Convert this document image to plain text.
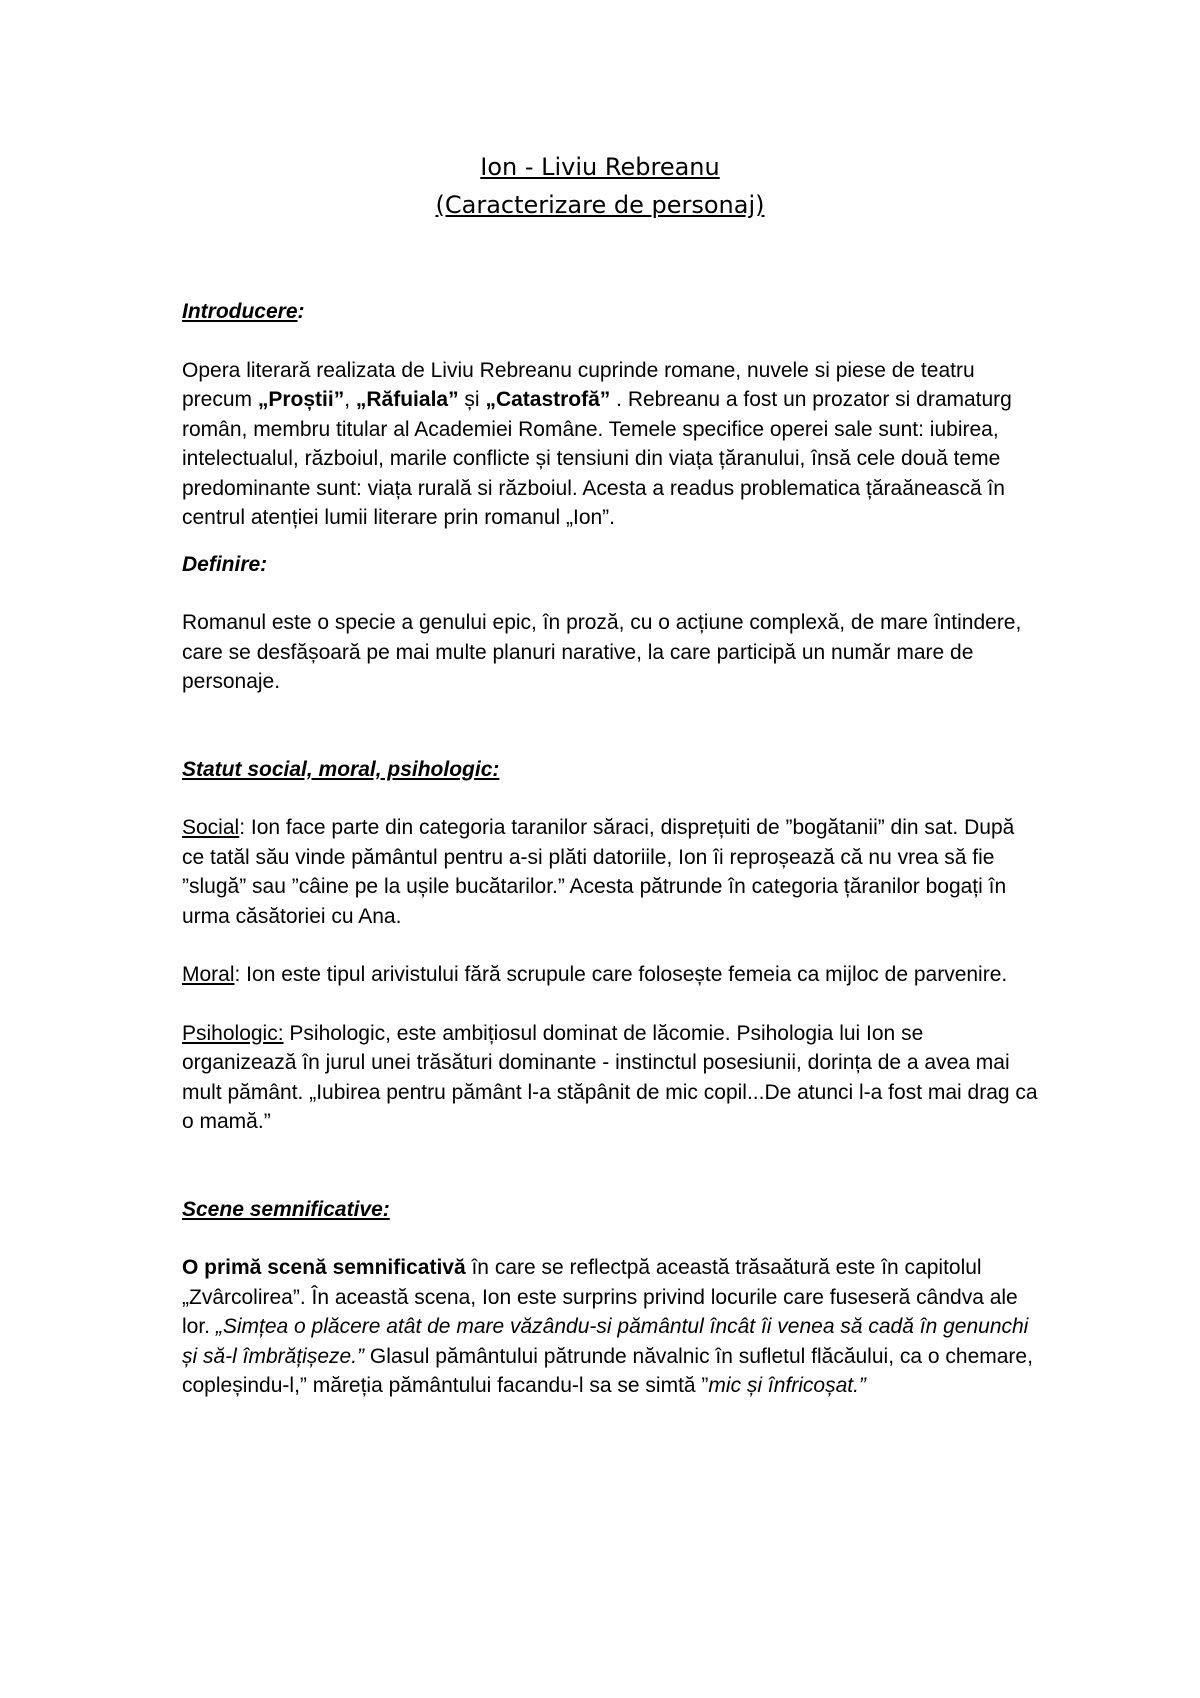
Ion - Liviu Rebreanu
(Caracterizare de personaj)

Introducere:

Opera literară realizata de Liviu Rebreanu cuprinde romane, nuvele si piese de teatru precum „Proștii”, „Răfuiala” și „Catastrofă” . Rebreanu a fost un prozator si dramaturg român, membru titular al Academiei Române. Temele specifice operei sale sunt: iubirea, intelectualul, războiul, marile conflicte și tensiuni din viața țăranului, însă cele două teme predominante sunt: viața rurală si războiul. Acesta a readus problematica țăraănească în centrul atenției lumii literare prin romanul „Ion”.

Definire:

Romanul este o specie a genului epic, în proză, cu o acțiune complexă, de mare întindere, care se desfășoară pe mai multe planuri narative, la care participă un număr mare de personaje.

Statut social, moral, psihologic:

Social: Ion face parte din categoria taranilor săraci, disprețuiti de ”bogătanii” din sat. După ce tatăl său vinde pământul pentru a-si plăti datoriile, Ion îi reproșează că nu vrea să fie ”slugă” sau ”câine pe la ușile bucătarilor.” Acesta pătrunde în categoria țăranilor bogați în urma căsătoriei cu Ana.

Moral: Ion este tipul arivistului fără scrupule care folosește femeia ca mijloc de parvenire.

Psihologic: Psihologic, este ambițiosul dominat de lăcomie. Psihologia lui Ion se organizează în jurul unei trăsături dominante - instinctul posesiunii, dorința de a avea mai mult pământ. „Iubirea pentru pământ l-a stăpânit de mic copil...De atunci l-a fost mai drag ca o mamă.”

Scene semnificative:

O primă scenă semnificativă în care se reflectpă această trăsaătură este în capitolul „Zvârcolirea”. În această scena, Ion este surprins privind locurile care fuseseră cândva ale lor. „Simțea o plăcere atât de mare văzându-si pământul încât îi venea să cadă în genunchi și să-l îmbrățișeze.” Glasul pământului pătrunde năvalnic în sufletul flăcăului, ca o chemare, copleșindu-l,” măreția pământului facandu-l sa se simtă ”mic și înfricoșat.”
